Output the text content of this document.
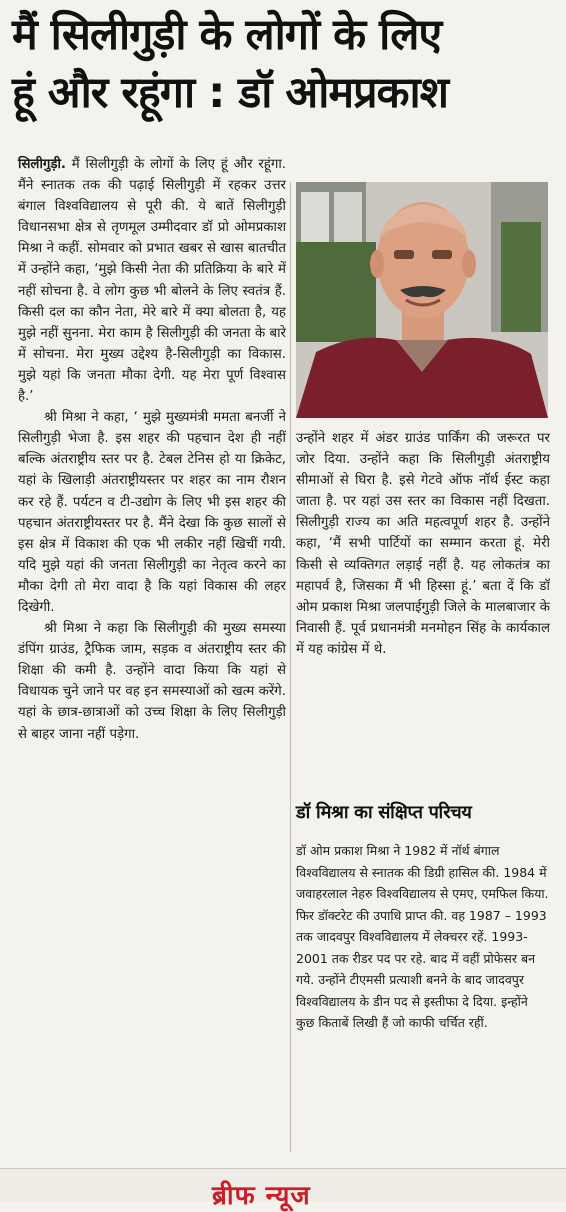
मैं सिलीगुड़ी के लोगों के लिए
हूं और रहूंगा : डॉ ओमप्रकाश

सिलीगुड़ी. मैं सिलीगुड़ी के लोगों के लिए हूं और रहूंगा. मैंने स्नातक तक की पढ़ाई सिलीगुड़ी में रहकर उत्तर बंगाल विश्वविद्यालय से पूरी की. ये बातें सिलीगुड़ी विधानसभा क्षेत्र से तृणमूल उम्मीदवार डॉ प्रो ओमप्रकाश मिश्रा ने कहीं. सोमवार को प्रभात खबर से खास बातचीत में उन्होंने कहा, ‘मुझे किसी नेता की प्रतिक्रिया के बारे में नहीं सोचना है. वे लोग कुछ भी बोलने के लिए स्वतंत्र हैं. किसी दल का कौन नेता, मेरे बारे में क्या बोलता है, यह मुझे नहीं सुनना. मेरा काम है सिलीगुड़ी की जनता के बारे में सोचना. मेरा मुख्य उद्देश्य है-सिलीगुड़ी का विकास. मुझे यहां कि जनता मौका देगी. यह मेरा पूर्ण विश्वास है.’

श्री मिश्रा ने कहा, ‘ मुझे मुख्यमंत्री ममता बनर्जी ने सिलीगुड़ी भेजा है. इस शहर की पहचान देश ही नहीं बल्कि अंतराष्ट्रीय स्तर पर है. टेबल टेनिस हो या क्रिकेट, यहां के खिलाड़ी अंतराष्ट्रीयस्तर पर शहर का नाम रौशन कर रहे हैं. पर्यटन व टी-उद्योग के लिए भी इस शहर की पहचान अंतराष्ट्रीयस्तर पर है. मैंने देखा कि कुछ सालों से इस क्षेत्र में विकाश की एक भी लकीर नहीं खिचीं गयी. यदि मुझे यहां की जनता सिलीगुड़ी का नेतृत्व करने का मौका देगी तो मेरा वादा है कि यहां विकास की लहर दिखेगी.

श्री मिश्रा ने कहा कि सिलीगुड़ी की मुख्य समस्या डंपिंग ग्राउंड, ट्रैफिक जाम, सड़क व अंतराष्ट्रीय स्तर की शिक्षा की कमी है. उन्होंने वादा किया कि यहां से विधायक चुने जाने पर वह इन समस्याओं को खत्म करेंगे. यहां के छात्र-छात्राओं को उच्च शिक्षा के लिए सिलीगुड़ी से बाहर जाना नहीं पड़ेगा.

उन्होंने शहर में अंडर ग्राउंड पार्किंग की जरूरत पर जोर दिया. उन्होंने कहा कि सिलीगुड़ी अंतराष्ट्रीय सीमाओं से घिरा है. इसे गेटवे ऑफ नॉर्थ ईस्ट कहा जाता है. पर यहां उस स्तर का विकास नहीं दिखता. सिलीगुड़ी राज्य का अति महत्वपूर्ण शहर है. उन्होंने कहा, ‘मैं सभी पार्टियों का सम्मान करता हूं. मेरी किसी से व्यक्तिगत लड़ाई नहीं है. यह लोकतंत्र का महापर्व है, जिसका मैं भी हिस्सा हूं.’ बता दें कि डॉ ओम प्रकाश मिश्रा जलपाईगुड़ी जिले के मालबाजार के निवासी हैं. पूर्व प्रधानमंत्री मनमोहन सिंह के कार्यकाल में यह कांग्रेस में थे.

डॉ मिश्रा का संक्षिप्त परिचय

डॉ ओम प्रकाश मिश्रा ने 1982 में नॉर्थ बंगाल विश्वविद्यालय से स्नातक की डिग्री हासिल की. 1984 में जवाहरलाल नेहरु विश्वविद्यालय से एमए, एमफिल किया. फिर डॉक्टरेट की उपाधि प्राप्त की. वह 1987 – 1993 तक जादवपुर विश्वविद्यालय में लेक्चरर रहें. 1993-2001 तक रीडर पद पर रहे. बाद में वहीं प्रोफेसर बन गये. उन्होंने टीएमसी प्रत्याशी बनने के बाद जादवपुर विश्वविद्यालय के डीन पद से इस्तीफा दे दिया. इन्होंने कुछ किताबें लिखी हैं जो काफी चर्चित रहीं.

ब्रीफ न्यूज
